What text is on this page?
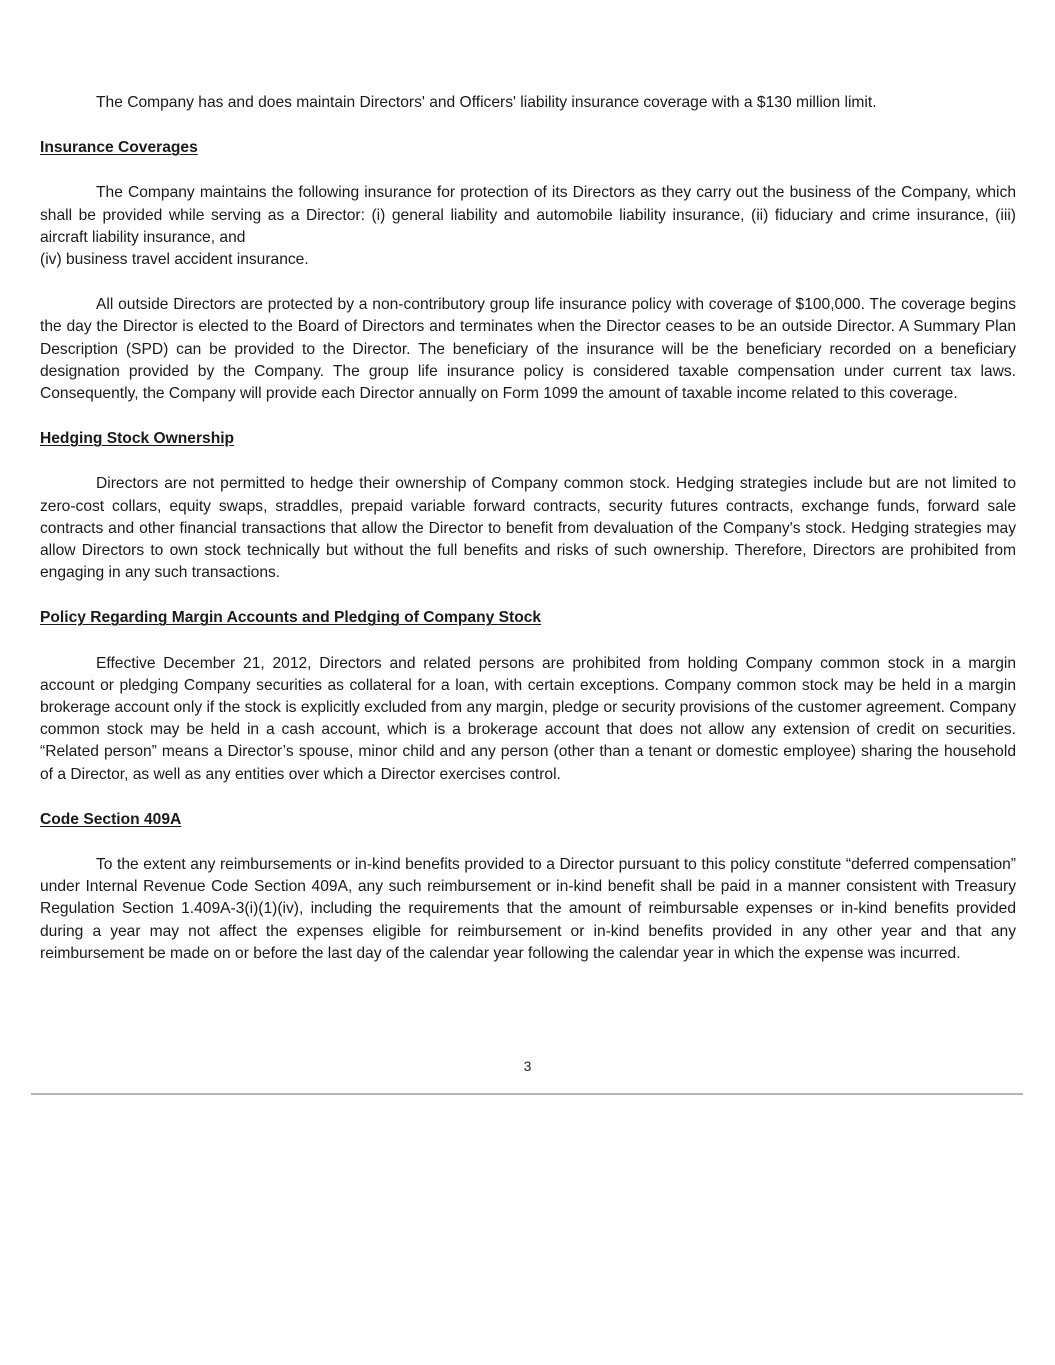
The Company has and does maintain Directors' and Officers' liability insurance coverage with a $130 million limit.

Insurance Coverages

The Company maintains the following insurance for protection of its Directors as they carry out the business of the Company, which shall be provided while serving as a Director: (i) general liability and automobile liability insurance, (ii) fiduciary and crime insurance, (iii) aircraft liability insurance, and

(iv) business travel accident insurance.

All outside Directors are protected by a non-contributory group life insurance policy with coverage of $100,000. The coverage begins the day the Director is elected to the Board of Directors and terminates when the Director ceases to be an outside Director. A Summary Plan Description (SPD) can be provided to the Director. The beneficiary of the insurance will be the beneficiary recorded on a beneficiary designation provided by the Company. The group life insurance policy is considered taxable compensation under current tax laws. Consequently, the Company will provide each Director annually on Form 1099 the amount of taxable income related to this coverage.

Hedging Stock Ownership

Directors are not permitted to hedge their ownership of Company common stock. Hedging strategies include but are not limited to zero-cost collars, equity swaps, straddles, prepaid variable forward contracts, security futures contracts, exchange funds, forward sale contracts and other financial transactions that allow the Director to benefit from devaluation of the Company's stock. Hedging strategies may allow Directors to own stock technically but without the full benefits and risks of such ownership. Therefore, Directors are prohibited from engaging in any such transactions.

Policy Regarding Margin Accounts and Pledging of Company Stock

Effective December 21, 2012, Directors and related persons are prohibited from holding Company common stock in a margin account or pledging Company securities as collateral for a loan, with certain exceptions. Company common stock may be held in a margin brokerage account only if the stock is explicitly excluded from any margin, pledge or security provisions of the customer agreement. Company common stock may be held in a cash account, which is a brokerage account that does not allow any extension of credit on securities. “Related person” means a Director’s spouse, minor child and any person (other than a tenant or domestic employee) sharing the household of a Director, as well as any entities over which a Director exercises control.

Code Section 409A

To the extent any reimbursements or in-kind benefits provided to a Director pursuant to this policy constitute “deferred compensation” under Internal Revenue Code Section 409A, any such reimbursement or in-kind benefit shall be paid in a manner consistent with Treasury Regulation Section 1.409A-3(i)(1)(iv), including the requirements that the amount of reimbursable expenses or in-kind benefits provided during a year may not affect the expenses eligible for reimbursement or in-kind benefits provided in any other year and that any reimbursement be made on or before the last day of the calendar year following the calendar year in which the expense was incurred.

3
